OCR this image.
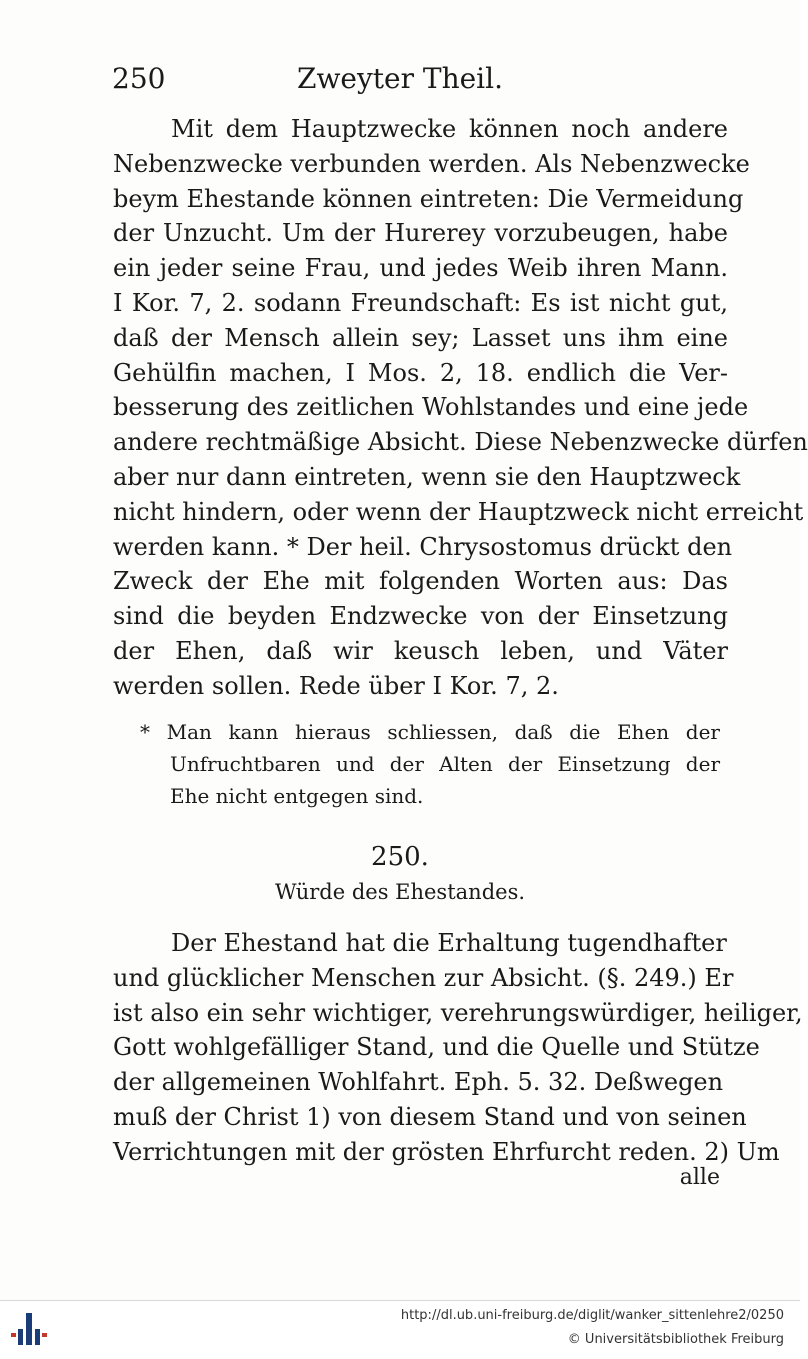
250	Zweyter Theil.
Mit dem Hauptzwecke können noch andere
Nebenzwecke verbunden werden. Als Nebenzwecke
beym Ehestande können eintreten: Die Vermeidung
der Unzucht. Um der Hurerey vorzubeugen, habe
ein jeder seine Frau, und jedes Weib ihren Mann.
I Kor. 7, 2. sodann Freundschaft: Es ist nicht gut,
daß der Mensch allein sey; Lasset uns ihm eine
Gehülfin machen, I Mos. 2, 18. endlich die Ver-
besserung des zeitlichen Wohlstandes und eine jede
andere rechtmäßige Absicht. Diese Nebenzwecke dürfen
aber nur dann eintreten, wenn sie den Hauptzweck
nicht hindern, oder wenn der Hauptzweck nicht erreicht
werden kann. * Der heil. Chrysostomus drückt den
Zweck der Ehe mit folgenden Worten aus: Das
sind die beyden Endzwecke von der Einsetzung
der Ehen, daß wir keusch leben, und Väter
werden sollen. Rede über I Kor. 7, 2.
* Man kann hieraus schliessen, daß die Ehen der
Unfruchtbaren und der Alten der Einsetzung der
Ehe nicht entgegen sind.
250.
Würde des Ehestandes.
Der Ehestand hat die Erhaltung tugendhafter
und glücklicher Menschen zur Absicht. (§. 249.) Er
ist also ein sehr wichtiger, verehrungswürdiger, heiliger,
Gott wohlgefälliger Stand, und die Quelle und Stütze
der allgemeinen Wohlfahrt. Eph. 5. 32. Deßwegen
muß der Christ 1) von diesem Stand und von seinen
Verrichtungen mit der grösten Ehrfurcht reden. 2) Um
alle
http://dl.ub.uni-freiburg.de/diglit/wanker_sittenlehre2/0250
© Universitätsbibliothek Freiburg
